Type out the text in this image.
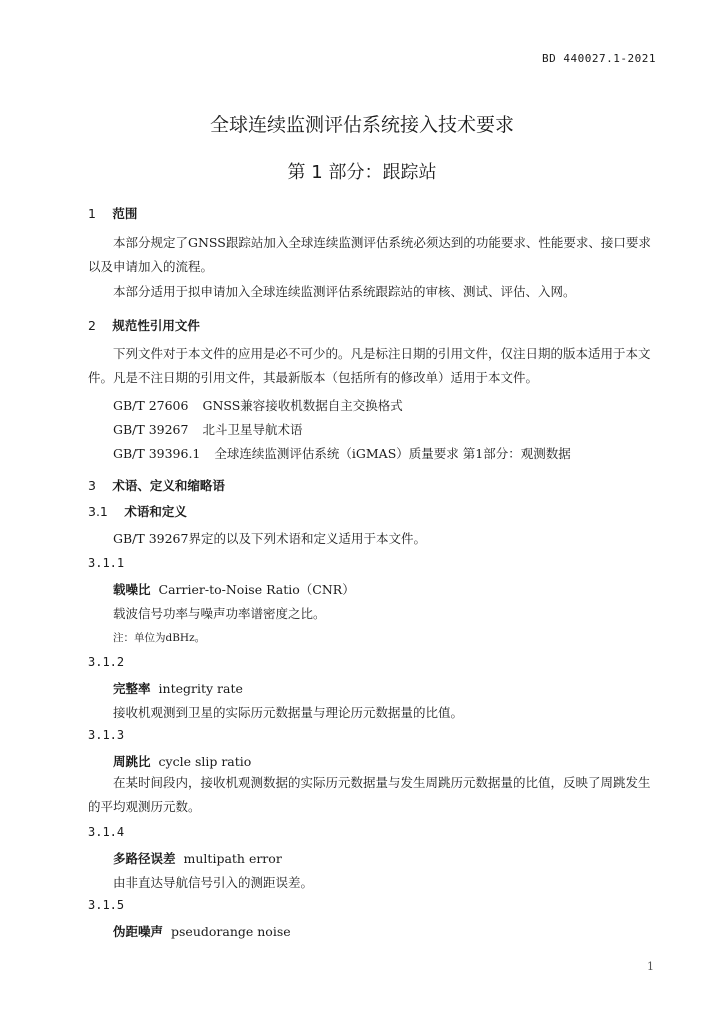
BD 440027.1-2021
全球连续监测评估系统接入技术要求
第 1 部分：跟踪站
1 范围
本部分规定了GNSS跟踪站加入全球连续监测评估系统必须达到的功能要求、性能要求、接口要求以及申请加入的流程。
本部分适用于拟申请加入全球连续监测评估系统跟踪站的审核、测试、评估、入网。
2 规范性引用文件
下列文件对于本文件的应用是必不可少的。凡是标注日期的引用文件，仅注日期的版本适用于本文件。凡是不注日期的引用文件，其最新版本（包括所有的修改单）适用于本文件。
GB/T 27606 GNSS兼容接收机数据自主交换格式
GB/T 39267 北斗卫星导航术语
GB/T 39396.1 全球连续监测评估系统（iGMAS）质量要求 第1部分：观测数据
3 术语、定义和缩略语
3.1 术语和定义
GB/T 39267界定的以及下列术语和定义适用于本文件。
3.1.1
载噪比 Carrier-to-Noise Ratio（CNR）
载波信号功率与噪声功率谱密度之比。
注：单位为dBHz。
3.1.2
完整率 integrity rate
接收机观测到卫星的实际历元数据量与理论历元数据量的比值。
3.1.3
周跳比 cycle slip ratio
在某时间段内，接收机观测数据的实际历元数据量与发生周跳历元数据量的比值，反映了周跳发生的平均观测历元数。
3.1.4
多路径误差 multipath error
由非直达导航信号引入的测距误差。
3.1.5
伪距噪声 pseudorange noise
1
